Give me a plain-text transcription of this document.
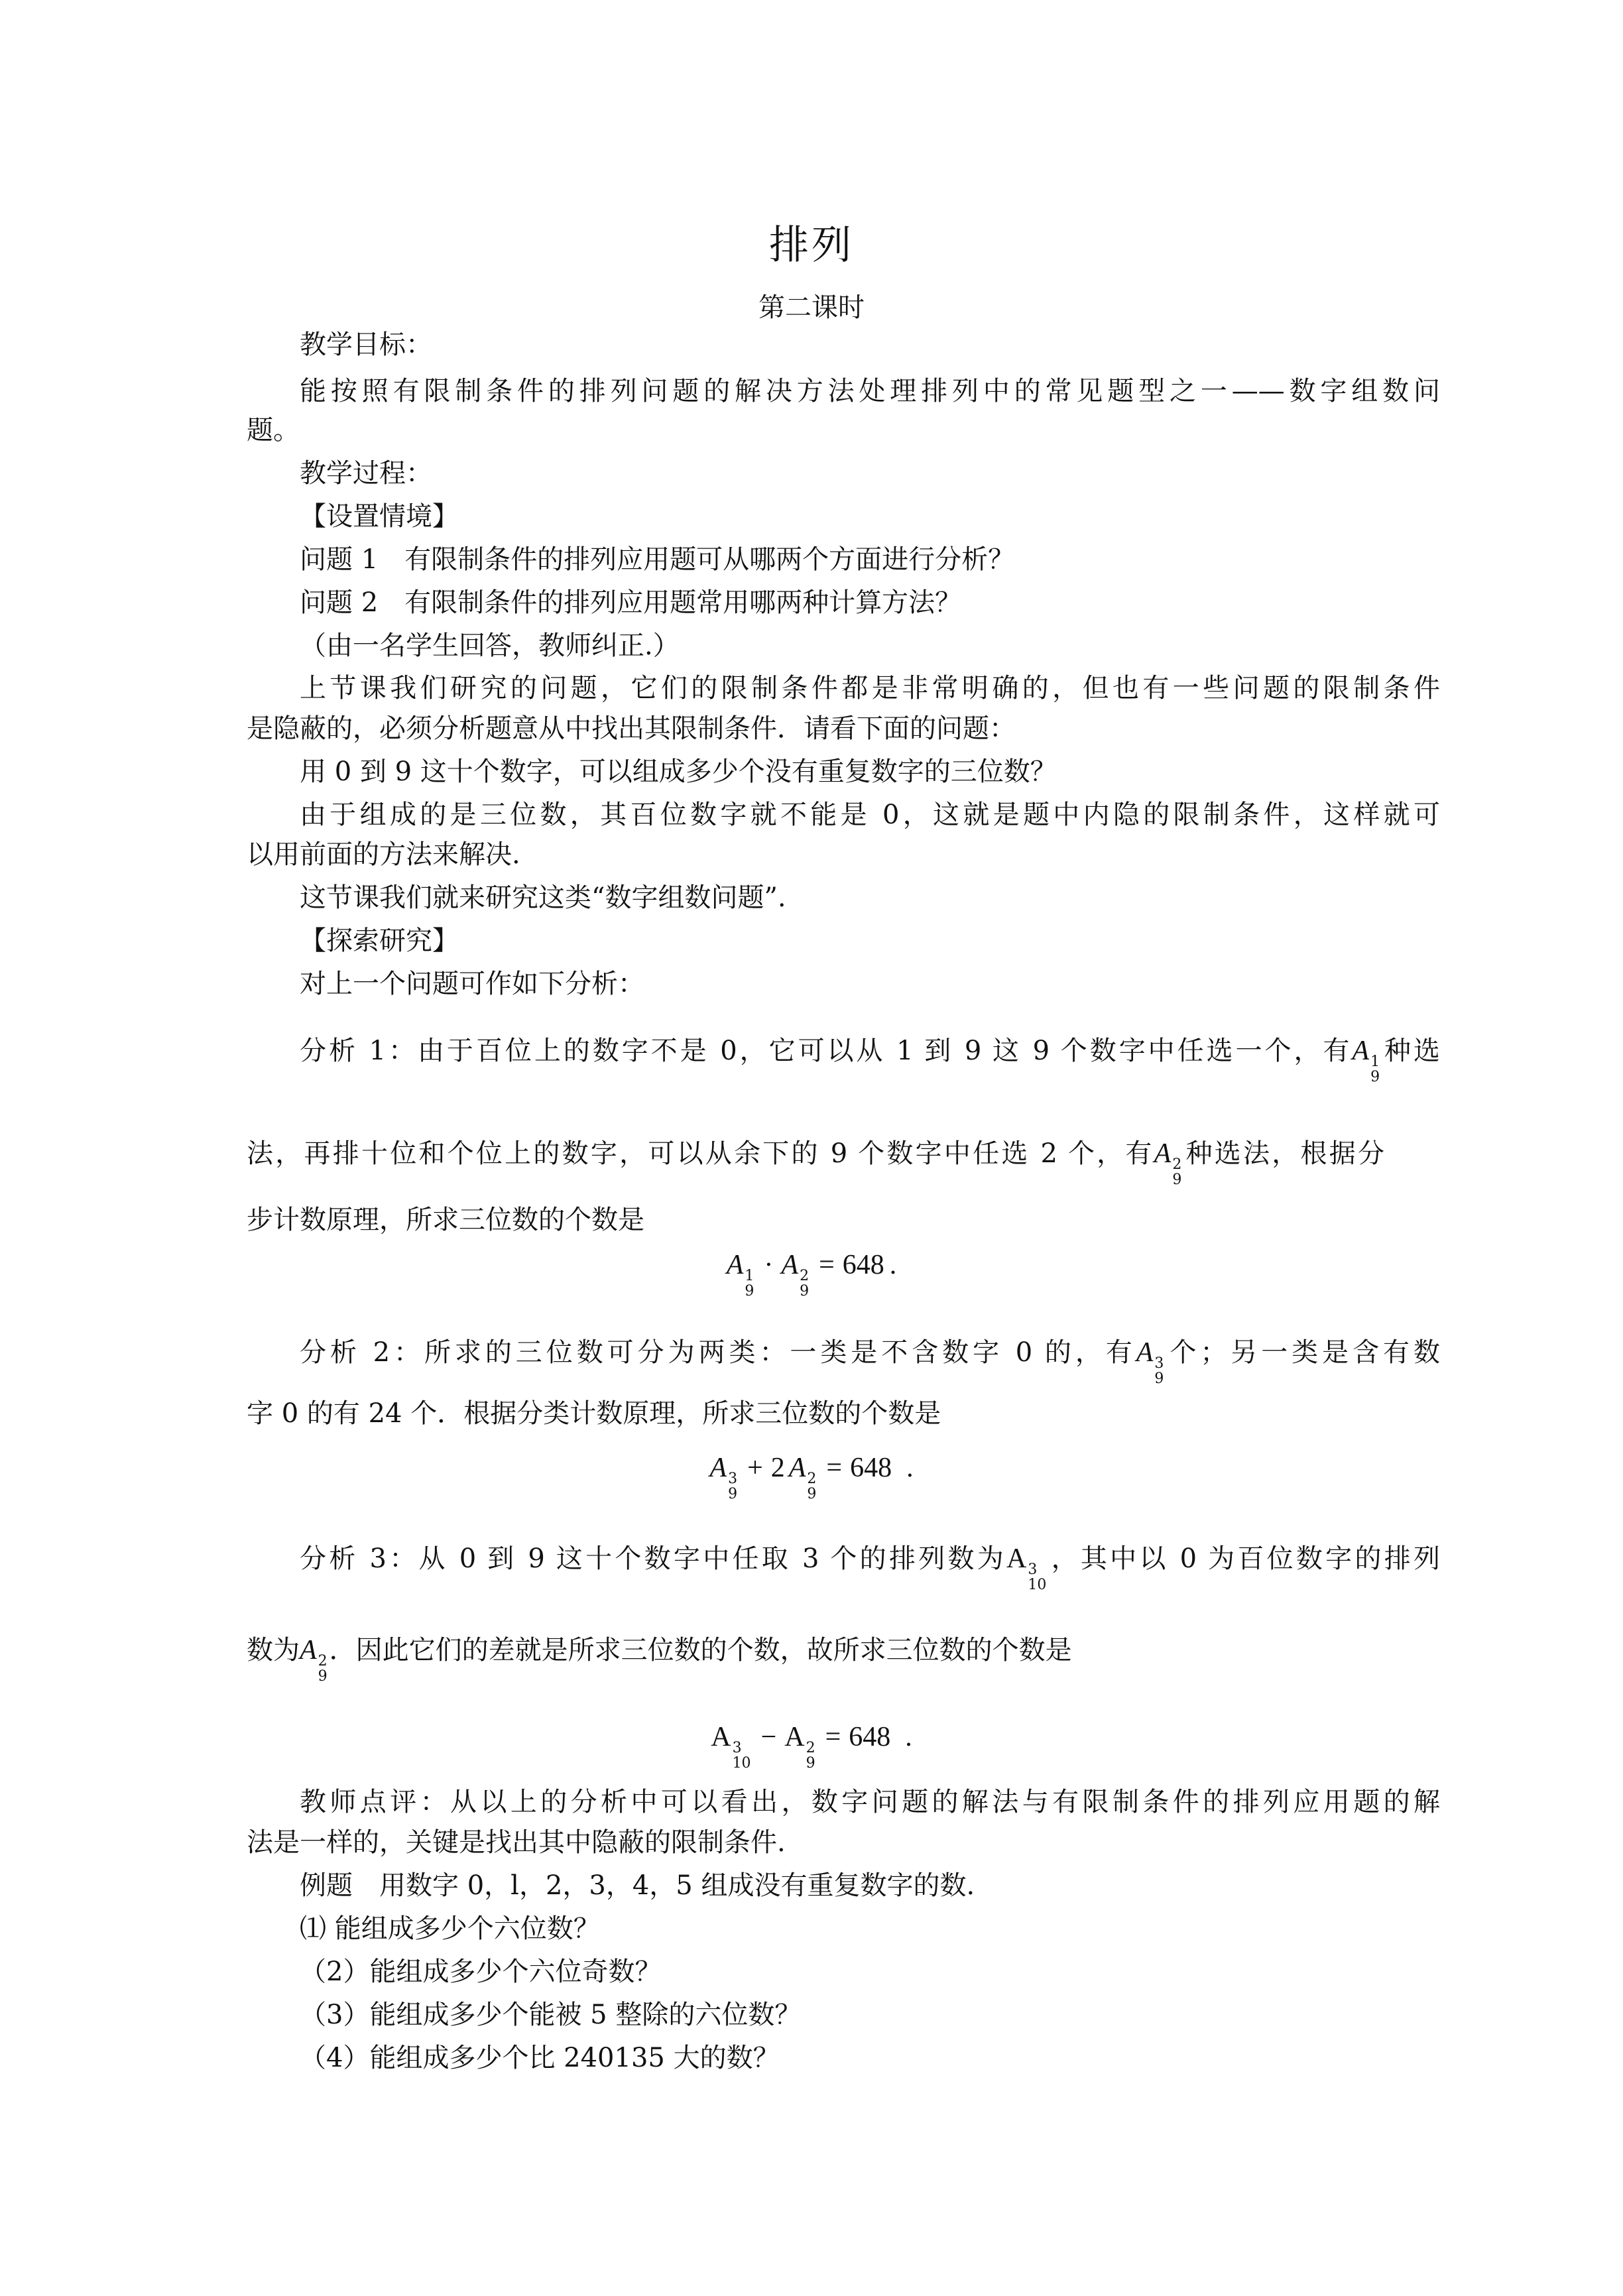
排列
第二课时
教学目标：
能按照有限制条件的排列问题的解决方法处理排列中的常见题型之一——数字组数问
题。
教学过程：
【设置情境】
问题 1　有限制条件的排列应用题可从哪两个方面进行分析？
问题 2　有限制条件的排列应用题常用哪两种计算方法？
（由一名学生回答，教师纠正.）
上节课我们研究的问题，它们的限制条件都是非常明确的，但也有一些问题的限制条件
是隐蔽的，必须分析题意从中找出其限制条件．请看下面的问题：
用 0 到 9 这十个数字，可以组成多少个没有重复数字的三位数？
由于组成的是三位数，其百位数字就不能是 0，这就是题中内隐的限制条件，这样就可
以用前面的方法来解决.
这节课我们就来研究这类“数字组数问题”.
【探索研究】
对上一个问题可作如下分析：
分析 1：由于百位上的数字不是 0，它可以从 1 到 9 这 9 个数字中任选一个，有A 1
9
种选
法，再排十位和个位上的数字，可以从余下的 9 个数字中任选 2 个，有A 2
9
种选法，根据分
步计数原理，所求三位数的个数是
A 1
9
· A 2
9
= 648 .
分析 2：所求的三位数可分为两类：一类是不含数字 0 的，有A 3
9
个；另一类是含有数
字 0 的有 24 个．根据分类计数原理，所求三位数的个数是
A 3
9
+ 2 A 2
9
= 648 .
分析 3：从 0 到 9 这十个数字中任取 3 个的排列数为A 3
10
，其中以 0 为百位数字的排列
数为A 2
9
．因此它们的差就是所求三位数的个数，故所求三位数的个数是
A 3
10
− A 2
9
= 648 .
教师点评：从以上的分析中可以看出，数字问题的解法与有限制条件的排列应用题的解
法是一样的，关键是找出其中隐蔽的限制条件.
例题　用数字 0，l，2，3，4，5 组成没有重复数字的数.
⑴ 能组成多少个六位数？
（2）能组成多少个六位奇数？
（3）能组成多少个能被 5 整除的六位数？
（4）能组成多少个比 240135 大的数？
